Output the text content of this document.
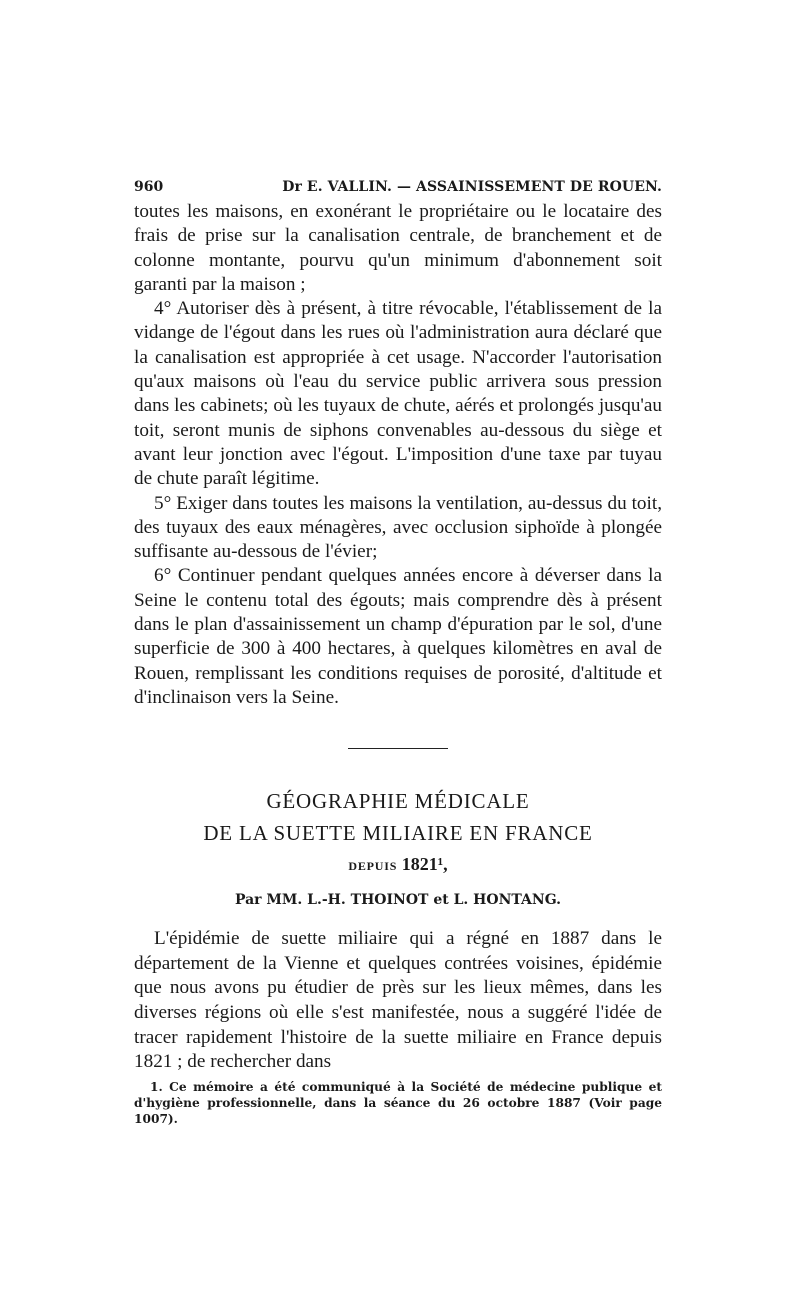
960	Dr E. VALLIN. — ASSAINISSEMENT DE ROUEN.

toutes les maisons, en exonérant le propriétaire ou le locataire des frais de prise sur la canalisation centrale, de branchement et de colonne montante, pourvu qu'un minimum d'abonnement soit garanti par la maison ;

4° Autoriser dès à présent, à titre révocable, l'établissement de la vidange de l'égout dans les rues où l'administration aura déclaré que la canalisation est appropriée à cet usage. N'accorder l'autorisation qu'aux maisons où l'eau du service public arrivera sous pression dans les cabinets; où les tuyaux de chute, aérés et prolongés jusqu'au toit, seront munis de siphons convenables au-dessous du siège et avant leur jonction avec l'égout. L'imposition d'une taxe par tuyau de chute paraît légitime.

5° Exiger dans toutes les maisons la ventilation, au-dessus du toit, des tuyaux des eaux ménagères, avec occlusion siphoïde à plongée suffisante au-dessous de l'évier;

6° Continuer pendant quelques années encore à déverser dans la Seine le contenu total des égouts; mais comprendre dès à présent dans le plan d'assainissement un champ d'épuration par le sol, d'une superficie de 300 à 400 hectares, à quelques kilomètres en aval de Rouen, remplissant les conditions requises de porosité, d'altitude et d'inclinaison vers la Seine.

GÉOGRAPHIE MÉDICALE
DE LA SUETTE MILIAIRE EN FRANCE
DEPUIS 1821¹,
Par MM. L.-H. THOINOT et L. HONTANG.

L'épidémie de suette miliaire qui a régné en 1887 dans le département de la Vienne et quelques contrées voisines, épidémie que nous avons pu étudier de près sur les lieux mêmes, dans les diverses régions où elle s'est manifestée, nous a suggéré l'idée de tracer rapidement l'histoire de la suette miliaire en France depuis 1821 ; de rechercher dans

1. Ce mémoire a été communiqué à la Société de médecine publique et d'hygiène professionnelle, dans la séance du 26 octobre 1887 (Voir page 1007).
